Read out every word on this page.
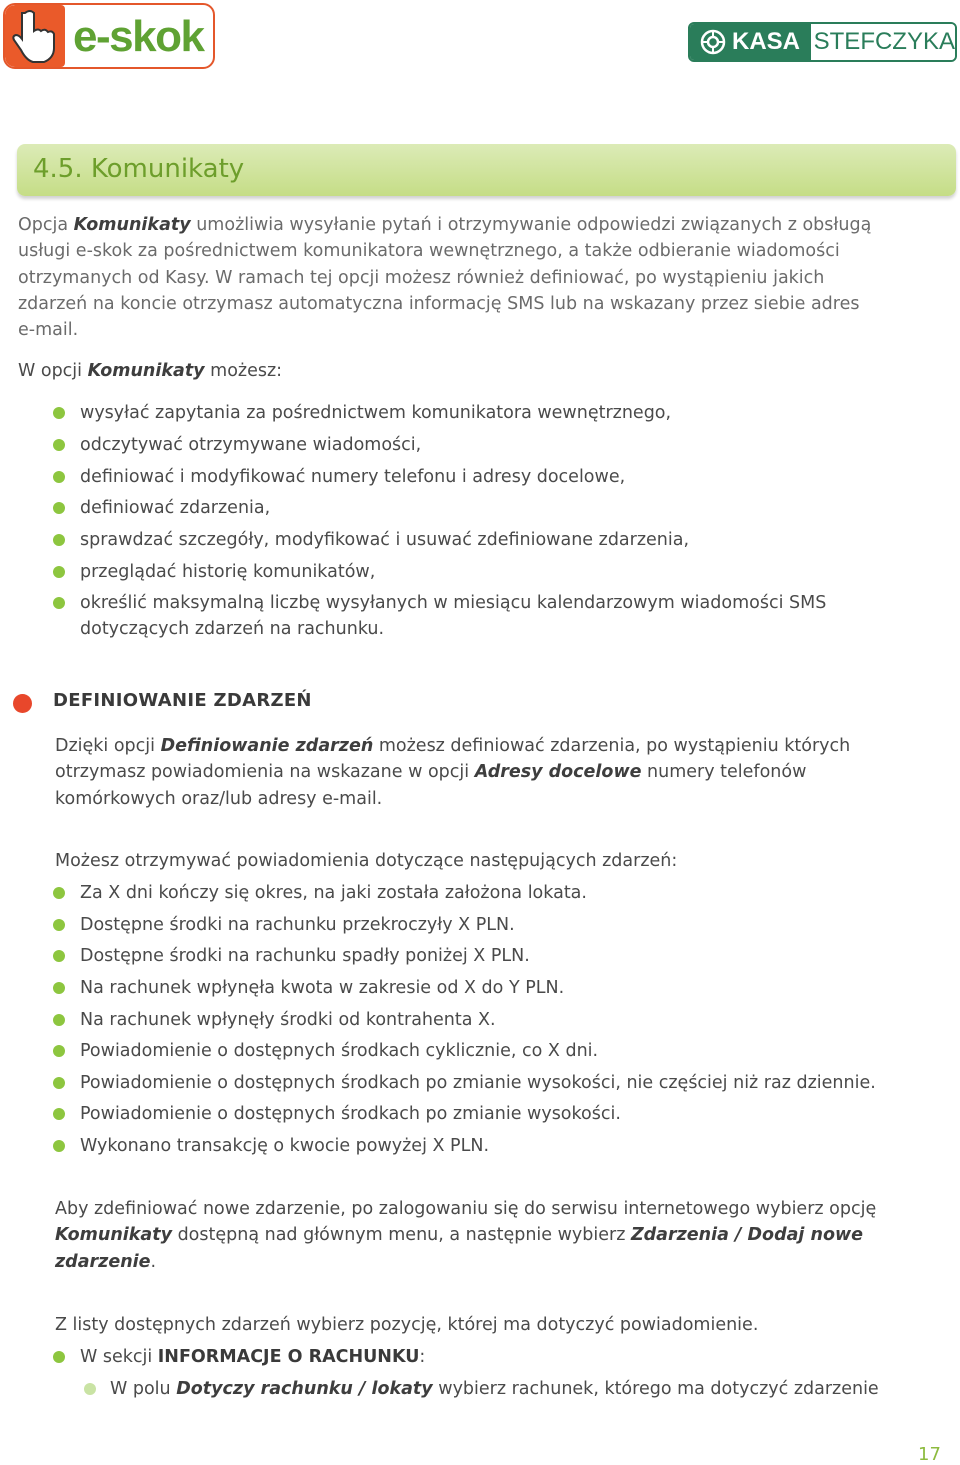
e-skok	KASA STEFCZYKA
4.5. Komunikaty
Opcja Komunikaty umożliwia wysyłanie pytań i otrzymywanie odpowiedzi związanych z obsługą
usługi e-skok za pośrednictwem komunikatora wewnętrznego, a także odbieranie wiadomości
otrzymanych od Kasy. W ramach tej opcji możesz również definiować, po wystąpieniu jakich
zdarzeń na koncie otrzymasz automatyczna informację SMS lub na wskazany przez siebie adres
e-mail.
W opcji Komunikaty możesz:
wysyłać zapytania za pośrednictwem komunikatora wewnętrznego,
odczytywać otrzymywane wiadomości,
definiować i modyfikować numery telefonu i adresy docelowe,
definiować zdarzenia,
sprawdzać szczegóły, modyfikować i usuwać zdefiniowane zdarzenia,
przeglądać historię komunikatów,
określić maksymalną liczbę wysyłanych w miesiącu kalendarzowym wiadomości SMS
dotyczących zdarzeń na rachunku.
DEFINIOWANIE ZDARZEŃ
Dzięki opcji Definiowanie zdarzeń możesz definiować zdarzenia, po wystąpieniu których
otrzymasz powiadomienia na wskazane w opcji Adresy docelowe numery telefonów
komórkowych oraz/lub adresy e-mail.
Możesz otrzymywać powiadomienia dotyczące następujących zdarzeń:
Za X dni kończy się okres, na jaki została założona lokata.
Dostępne środki na rachunku przekroczyły X PLN.
Dostępne środki na rachunku spadły poniżej X PLN.
Na rachunek wpłynęła kwota w zakresie od X do Y PLN.
Na rachunek wpłynęły środki od kontrahenta X.
Powiadomienie o dostępnych środkach cyklicznie, co X dni.
Powiadomienie o dostępnych środkach po zmianie wysokości, nie częściej niż raz dziennie.
Powiadomienie o dostępnych środkach po zmianie wysokości.
Wykonano transakcję o kwocie powyżej X PLN.
Aby zdefiniować nowe zdarzenie, po zalogowaniu się do serwisu internetowego wybierz opcję
Komunikaty dostępną nad głównym menu, a następnie wybierz Zdarzenia / Dodaj nowe
zdarzenie.
Z listy dostępnych zdarzeń wybierz pozycję, której ma dotyczyć powiadomienie.
W sekcji INFORMACJE O RACHUNKU:
W polu Dotyczy rachunku / lokaty wybierz rachunek, którego ma dotyczyć zdarzenie
17
